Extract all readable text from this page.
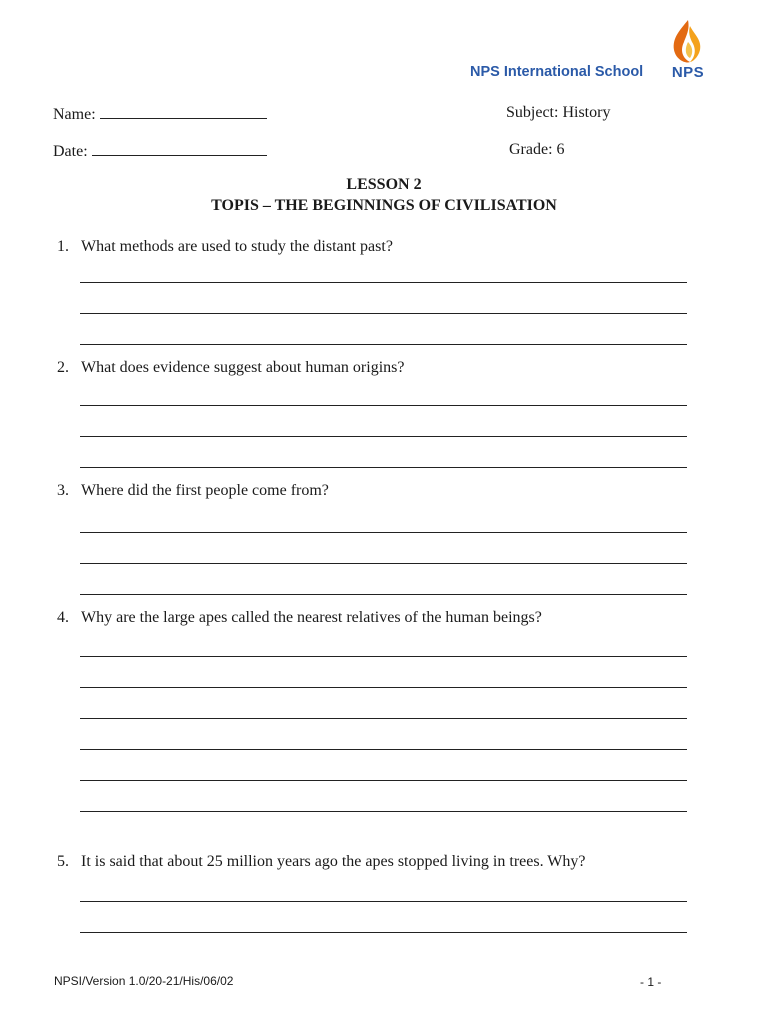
NPS International School	NPS
Name:	Subject: History
Date:	Grade: 6
LESSON 2
TOPIS – THE BEGINNINGS OF CIVILISATION
1. What methods are used to study the distant past?
2. What does evidence suggest about human origins?
3. Where did the first people come from?
4. Why are the large apes called the nearest relatives of the human beings?
5. It is said that about 25 million years ago the apes stopped living in trees. Why?
NPSI/Version 1.0/20-21/His/06/02	- 1 -
